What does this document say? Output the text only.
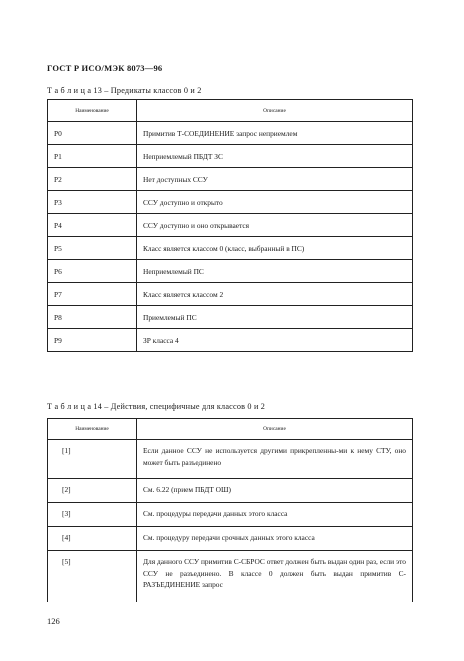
ГОСТ Р ИСО/МЭК 8073—96
Т а б л и ц а 13 – Предикаты классов 0 и 2
Наименование	Описание
P0	Примитив Т-СОЕДИНЕНИЕ запрос неприемлем
P1	Неприемлемый ПБДТ ЗС
P2	Нет доступных ССУ
P3	ССУ доступно и открыто
P4	ССУ доступно и оно открывается
P5	Класс является классом 0 (класс, выбранный в ПС)
P6	Неприемлемый ПС
P7	Класс является классом 2
P8	Приемлемый ПС
P9	ЗР класса 4
Т а б л и ц а 14 – Действия, специфичные для классов 0 и 2
Наименование	Описание
[1]	Если данное ССУ не используется другими прикрепленны-ми к нему СТУ, оно может быть разъединено
[2]	См. 6.22 (прием ПБДТ ОШ)
[3]	См. процедуры передачи данных этого класса
[4]	См. процедуру передачи срочных данных этого класса
[5]	Для данного ССУ примитив С-СБРОС ответ должен быть выдан один раз, если это ССУ не разъединено. В классе 0 должен быть выдан примитив С-РАЗЪЕДИНЕНИЕ запрос
126
